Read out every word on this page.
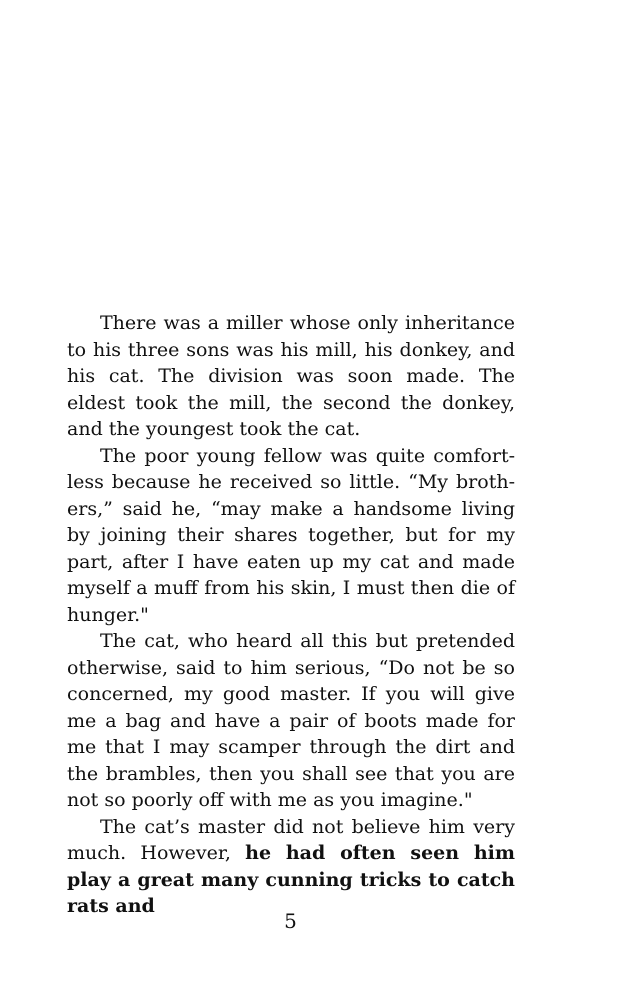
There was a miller whose only inheritance to his three sons was his mill, his donkey, and his cat. The division was soon made. The eldest took the mill, the second the donkey, and the youngest took the cat.

The poor young fellow was quite comfortless because he received so little. “My brothers,” said he, “may make a handsome living by joining their shares together, but for my part, after I have eaten up my cat and made myself a muff from his skin, I must then die of hunger."

The cat, who heard all this but pretended otherwise, said to him serious, “Do not be so concerned, my good master. If you will give me a bag and have a pair of boots made for me that I may scamper through the dirt and the brambles, then you shall see that you are not so poorly off with me as you imagine."

The cat’s master did not believe him very much. However, he had often seen him play a great many cunning tricks to catch rats and

5
